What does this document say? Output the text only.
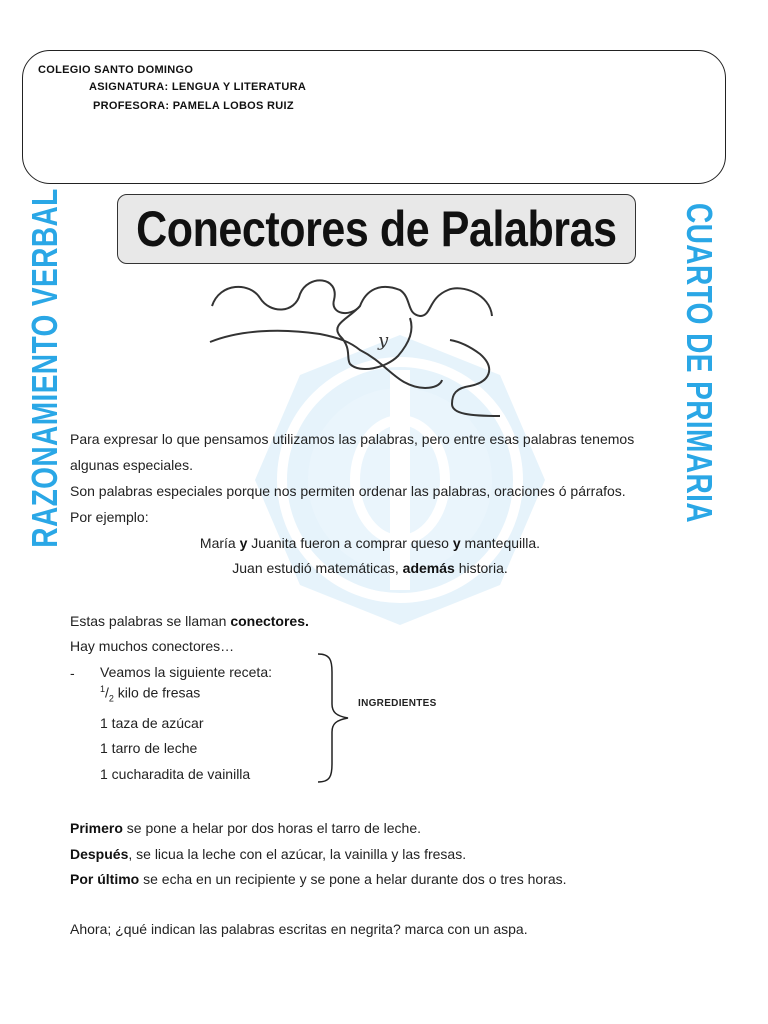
COLEGIO SANTO DOMINGO
ASIGNATURA: LENGUA Y LITERATURA
PROFESORA: PAMELA LOBOS RUIZ
RAZONAMIENTO VERBAL	CUARTO DE PRIMARIA
Conectores de Palabras
y
Para expresar lo que pensamos utilizamos las palabras, pero entre esas palabras tenemos
algunas especiales.
Son palabras especiales porque nos permiten ordenar las palabras, oraciones ó párrafos.
Por ejemplo:
María y Juanita fueron a comprar queso y mantequilla.
Juan estudió matemáticas, además historia.
Estas palabras se llaman conectores.
Hay muchos conectores…
- Veamos la siguiente receta:
$^1/_2$ kilo de fresas
1 taza de azúcar
1 tarro de leche
1 cucharadita de vainilla
INGREDIENTES
Primero se pone a helar por dos horas el tarro de leche.
Después, se licua la leche con el azúcar, la vainilla y las fresas.
Por último se echa en un recipiente y se pone a helar durante dos o tres horas.
Ahora; ¿qué indican las palabras escritas en negrita? marca con un aspa.
